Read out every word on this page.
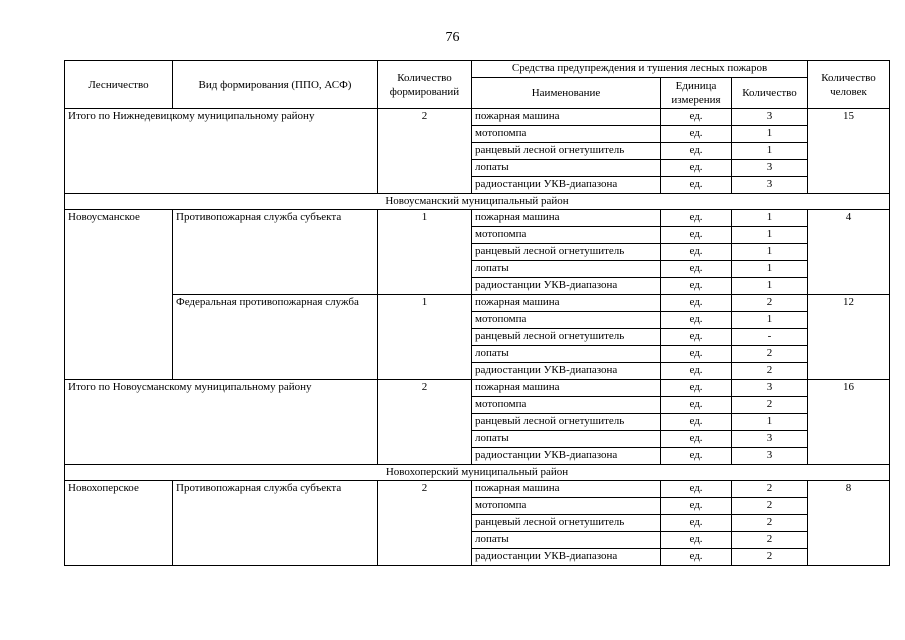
76
Лесничество	Вид формирования (ППО, АСФ)	Количество формирований	Средства предупреждения и тушения лесных пожаров			Количество человек
			Наименование	Единица измерения	Количество	
Итого по Нижнедевицкому муниципальному району		2	пожарная машина	ед.	3	15
			мотопомпа	ед.	1	
			ранцевый лесной огнетушитель	ед.	1	
			лопаты	ед.	3	
			радиостанции УКВ-диапазона	ед.	3	
Новоусманский муниципальный район						
Новоусманское	Противопожарная служба субъекта	1	пожарная машина	ед.	1	4
			мотопомпа	ед.	1	
			ранцевый лесной огнетушитель	ед.	1	
			лопаты	ед.	1	
			радиостанции УКВ-диапазона	ед.	1	
	Федеральная противопожарная служба	1	пожарная машина	ед.	2	12
			мотопомпа	ед.	1	
			ранцевый лесной огнетушитель	ед.	-	
			лопаты	ед.	2	
			радиостанции УКВ-диапазона	ед.	2	
Итого по Новоусманскому муниципальному району		2	пожарная машина	ед.	3	16
			мотопомпа	ед.	2	
			ранцевый лесной огнетушитель	ед.	1	
			лопаты	ед.	3	
			радиостанции УКВ-диапазона	ед.	3	
Новохоперский муниципальный район						
Новохоперское	Противопожарная служба субъекта	2	пожарная машина	ед.	2	8
			мотопомпа	ед.	2	
			ранцевый лесной огнетушитель	ед.	2	
			лопаты	ед.	2	
			радиостанции УКВ-диапазона	ед.	2	
